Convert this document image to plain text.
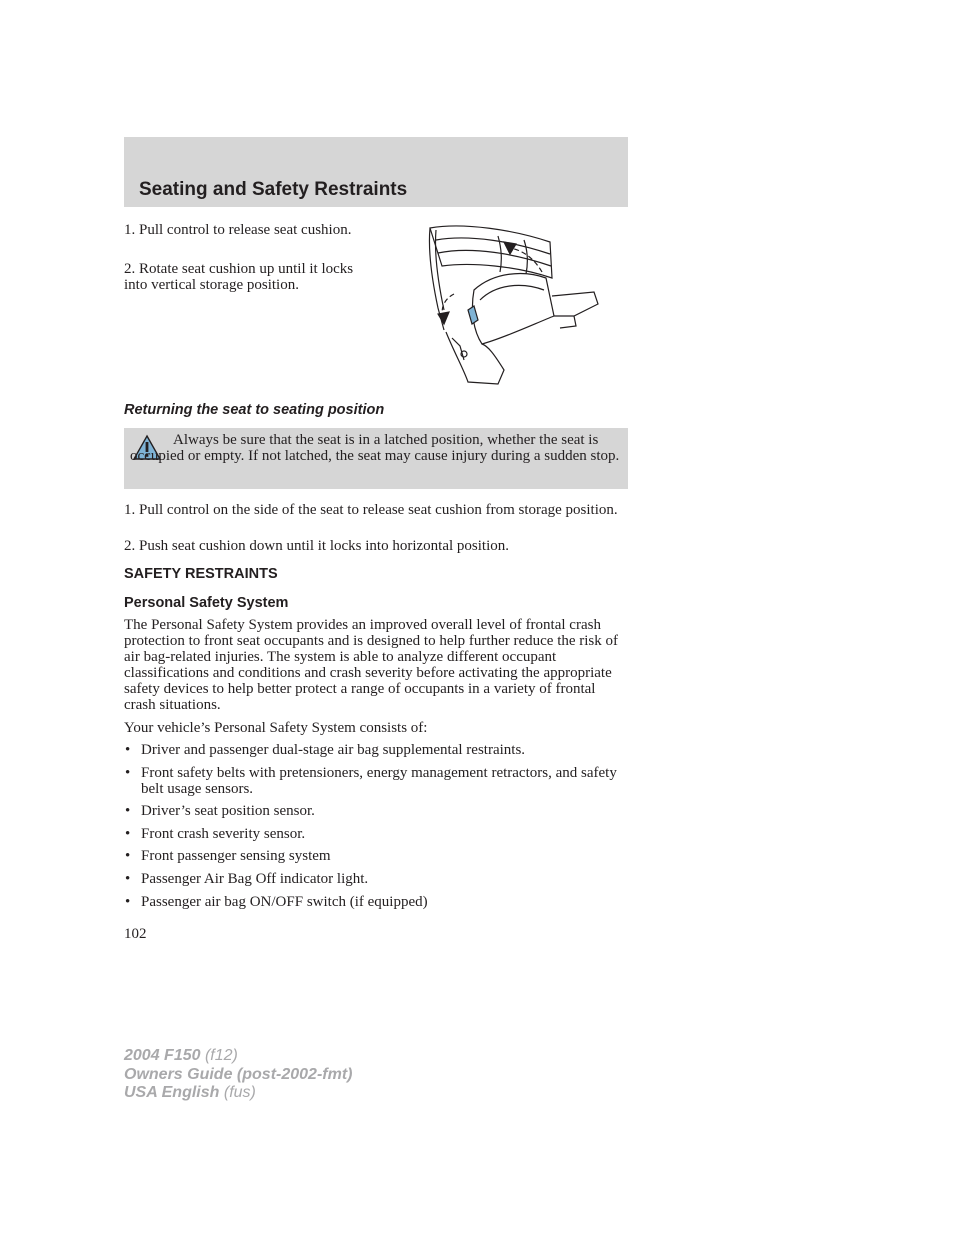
Seating and Safety Restraints

1. Pull control to release seat cushion.

2. Rotate seat cushion up until it locks into vertical storage position.

Returning the seat to seating position

Always be sure that the seat is in a latched position, whether the seat is occupied or empty. If not latched, the seat may cause injury during a sudden stop.

1. Pull control on the side of the seat to release seat cushion from storage position.

2. Push seat cushion down until it locks into horizontal position.

SAFETY RESTRAINTS
Personal Safety System

The Personal Safety System provides an improved overall level of frontal crash protection to front seat occupants and is designed to help further reduce the risk of air bag-related injuries. The system is able to analyze different occupant classifications and conditions and crash severity before activating the appropriate safety devices to help better protect a range of occupants in a variety of frontal crash situations.

Your vehicle’s Personal Safety System consists of:

• Driver and passenger dual-stage air bag supplemental restraints.
• Front safety belts with pretensioners, energy management retractors, and safety belt usage sensors.
• Driver’s seat position sensor.
• Front crash severity sensor.
• Front passenger sensing system
• Passenger Air Bag Off indicator light.
• Passenger air bag ON/OFF switch (if equipped)
102
2004 F150 (f12)
Owners Guide (post-2002-fmt)
USA English (fus)
